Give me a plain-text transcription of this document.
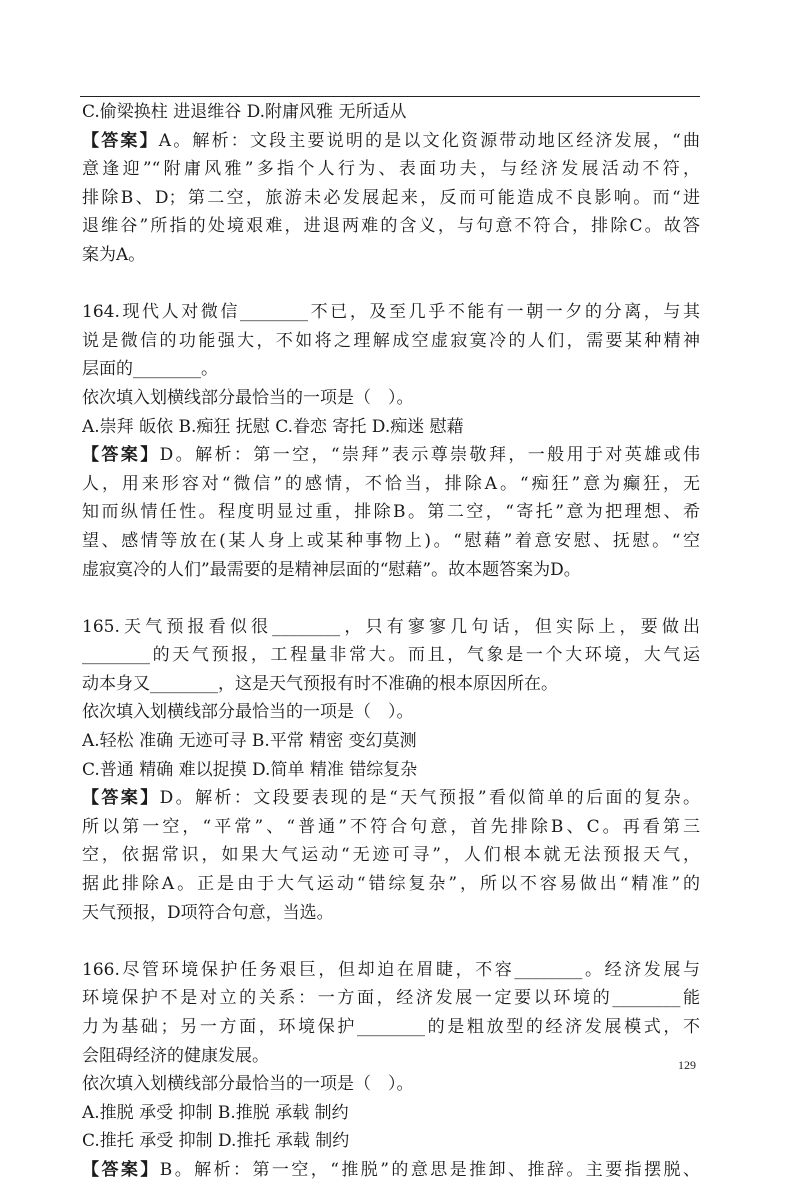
C.偷梁换柱 进退维谷 D.附庸风雅 无所适从
【答案】A。解析：文段主要说明的是以文化资源带动地区经济发展，“曲
意逢迎”“附庸风雅”多指个人行为、表面功夫，与经济发展活动不符，
排除B、D；第二空，旅游未必发展起来，反而可能造成不良影响。而“进
退维谷”所指的处境艰难，进退两难的含义，与句意不符合，排除C。故答
案为A。
164.现代人对微信________不已，及至几乎不能有一朝一夕的分离，与其
说是微信的功能强大，不如将之理解成空虚寂寞冷的人们，需要某种精神
层面的________。
依次填入划横线部分最恰当的一项是（　）。
A.崇拜 皈依 B.痴狂 抚慰 C.眷恋 寄托 D.痴迷 慰藉
【答案】D。解析：第一空，“崇拜”表示尊崇敬拜，一般用于对英雄或伟
人，用来形容对“微信”的感情，不恰当，排除A。“痴狂”意为癫狂，无
知而纵情任性。程度明显过重，排除B。第二空，“寄托”意为把理想、希
望、感情等放在(某人身上或某种事物上)。“慰藉”着意安慰、抚慰。“空
虚寂寞冷的人们”最需要的是精神层面的“慰藉”。故本题答案为D。
165.天气预报看似很________，只有寥寥几句话，但实际上，要做出
________的天气预报，工程量非常大。而且，气象是一个大环境，大气运
动本身又________，这是天气预报有时不准确的根本原因所在。
依次填入划横线部分最恰当的一项是（　）。
A.轻松 准确 无迹可寻 B.平常 精密 变幻莫测
C.普通 精确 难以捉摸 D.简单 精准 错综复杂
【答案】D。解析：文段要表现的是“天气预报”看似简单的后面的复杂。
所以第一空，“平常”、“普通”不符合句意，首先排除B、C。再看第三
空，依据常识，如果大气运动“无迹可寻”，人们根本就无法预报天气，
据此排除A。正是由于大气运动“错综复杂”，所以不容易做出“精准”的
天气预报，D项符合句意，当选。
166.尽管环境保护任务艰巨，但却迫在眉睫，不容________。经济发展与
环境保护不是对立的关系：一方面，经济发展一定要以环境的________能
力为基础；另一方面，环境保护________的是粗放型的经济发展模式，不
会阻碍经济的健康发展。
依次填入划横线部分最恰当的一项是（　）。
A.推脱 承受 抑制 B.推脱 承载 制约
C.推托 承受 抑制 D.推托 承载 制约
【答案】B。解析：第一空，“推脱”的意思是推卸、推辞。主要指摆脱、
129
